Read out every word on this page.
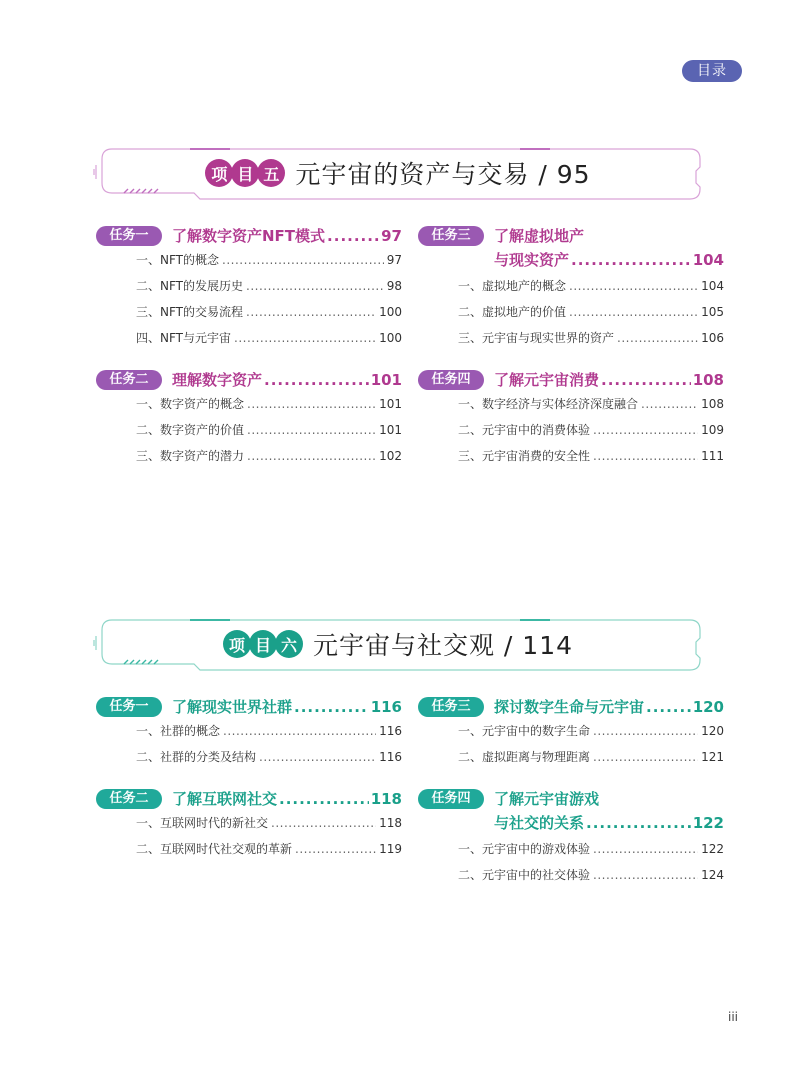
目录
项 目 五 元宇宙的资产与交易 / 95
任务一	了解数字资产NFT模式 .....	97
一、NFT的概念 .....	97
二、NFT的发展历史 .....	98
三、NFT的交易流程 .....	100
四、NFT与元宇宙 .....	100
任务二	理解数字资产 .....	101
一、数字资产的概念 .....	101
二、数字资产的价值 .....	101
三、数字资产的潜力 .....	102
任务三	了解虚拟地产
与现实资产 .....	104
一、虚拟地产的概念 .....	104
二、虚拟地产的价值 .....	105
三、元宇宙与现实世界的资产 .....	106
任务四	了解元宇宙消费 .....	108
一、数字经济与实体经济深度融合 .....	108
二、元宇宙中的消费体验 .....	109
三、元宇宙消费的安全性 .....	111
项 目 六 元宇宙与社交观 / 114
任务一	了解现实世界社群 .....	116
一、社群的概念 .....	116
二、社群的分类及结构 .....	116
任务二	了解互联网社交 .....	118
一、互联网时代的新社交 .....	118
二、互联网时代社交观的革新 .....	119
任务三	探讨数字生命与元宇宙 .....	120
一、元宇宙中的数字生命 .....	120
二、虚拟距离与物理距离 .....	121
任务四	了解元宇宙游戏
与社交的关系 .....	122
一、元宇宙中的游戏体验 .....	122
二、元宇宙中的社交体验 .....	124
iii
